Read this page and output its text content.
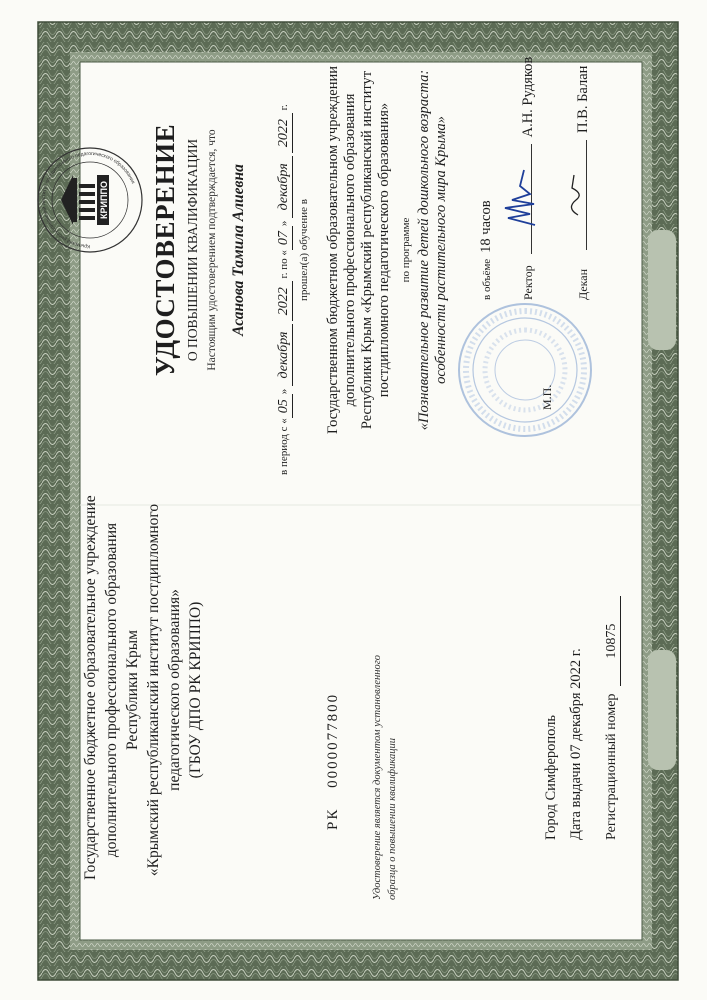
Государственное бюджетное образовательное учреждение дополнительного профессионального образования Республики Крым «Крымский республиканский институт постдипломного педагогического образования» (ГБОУ ДПО РК КРИППО)
РК 0000077800	Удостоверение является документом установленного образца о повышении квалификации	Город Симферополь Дата выдачи 07 декабря 2022 г. Регистрационный номер 10875
КРИППО
Крымский республиканский институт постдипломного педагогического образования УДОСТОВЕРЕНИЕ О ПОВЫШЕНИИ КВАЛИФИКАЦИИ Настоящим удостоверением подтверждается, что Асанова Тамила Алиевна
в период с «05» декабря 2022 г. по «07» декабря 2022 г.
прошел(а) обучение в Государственном бюджетном образовательном учреждении дополнительного профессионального образования Республики Крым «Крымский республиканский институт постдипломного педагогического образования» по программе «Познавательное развитие детей дошкольного возраста: особенности растительного мира Крыма»	в объёме18 часов
М.П.
Ректор  А.Н. Рудяков
Декан  П.В. Балан
